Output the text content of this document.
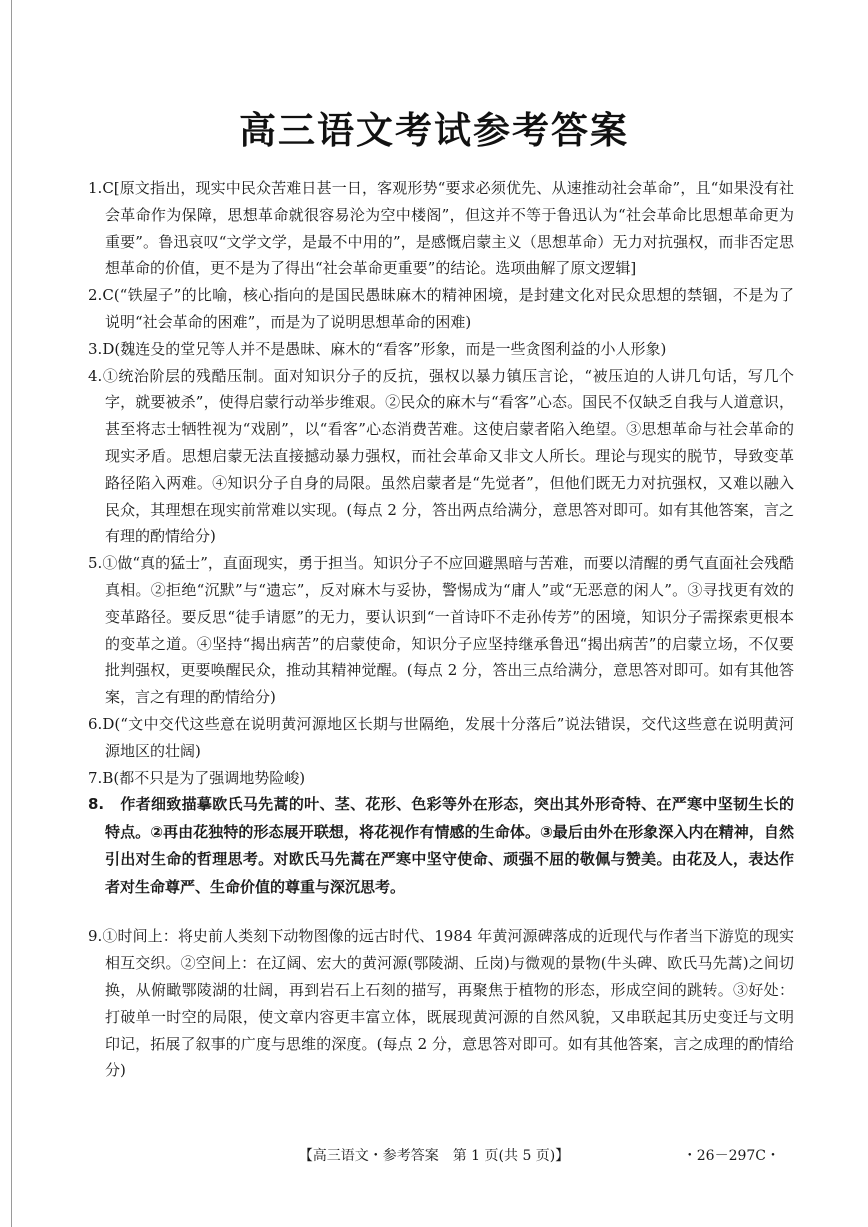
高三语文考试参考答案

1.C[原文指出，现实中民众苦难日甚一日，客观形势“要求必须优先、从速推动社会革命”，且“如果没有社会革命作为保障，思想革命就很容易沦为空中楼阁”，但这并不等于鲁迅认为“社会革命比思想革命更为重要”。鲁迅哀叹“文学文学，是最不中用的”，是感慨启蒙主义（思想革命）无力对抗强权，而非否定思想革命的价值，更不是为了得出“社会革命更重要”的结论。选项曲解了原文逻辑]

2.C(“铁屋子”的比喻，核心指向的是国民愚昧麻木的精神困境，是封建文化对民众思想的禁锢，不是为了说明“社会革命的困难”，而是为了说明思想革命的困难)

3.D(魏连殳的堂兄等人并不是愚昧、麻木的“看客”形象，而是一些贪图利益的小人形象)

4.①统治阶层的残酷压制。面对知识分子的反抗，强权以暴力镇压言论，“被压迫的人讲几句话，写几个字，就要被杀”，使得启蒙行动举步维艰。②民众的麻木与“看客”心态。国民不仅缺乏自我与人道意识，甚至将志士牺牲视为“戏剧”，以“看客”心态消费苦难。这使启蒙者陷入绝望。③思想革命与社会革命的现实矛盾。思想启蒙无法直接撼动暴力强权，而社会革命又非文人所长。理论与现实的脱节，导致变革路径陷入两难。④知识分子自身的局限。虽然启蒙者是“先觉者”，但他们既无力对抗强权，又难以融入民众，其理想在现实前常难以实现。(每点 2 分，答出两点给满分，意思答对即可。如有其他答案，言之有理的酌情给分)

5.①做“真的猛士”，直面现实，勇于担当。知识分子不应回避黑暗与苦难，而要以清醒的勇气直面社会残酷真相。②拒绝“沉默”与“遗忘”，反对麻木与妥协，警惕成为“庸人”或“无恶意的闲人”。③寻找更有效的变革路径。要反思“徒手请愿”的无力，要认识到“一首诗吓不走孙传芳”的困境，知识分子需探索更根本的变革之道。④坚持“揭出病苦”的启蒙使命，知识分子应坚持继承鲁迅“揭出病苦”的启蒙立场，不仅要批判强权，更要唤醒民众，推动其精神觉醒。(每点 2 分，答出三点给满分，意思答对即可。如有其他答案，言之有理的酌情给分)

6.D(“文中交代这些意在说明黄河源地区长期与世隔绝，发展十分落后”说法错误，交代这些意在说明黄河源地区的壮阔)

7.B(都不只是为了强调地势险峻)

8. 作者细致描摹欧氏马先蒿的叶、茎、花形、色彩等外在形态，突出其外形奇特、在严寒中坚韧生长的特点。②再由花独特的形态展开联想，将花视作有情感的生命体。③最后由外在形象深入内在精神，自然引出对生命的哲理思考。对欧氏马先蒿在严寒中坚守使命、顽强不屈的敬佩与赞美。由花及人，表达作者对生命尊严、生命价值的尊重与深沉思考。

9.①时间上：将史前人类刻下动物图像的远古时代、1984 年黄河源碑落成的近现代与作者当下游览的现实相互交织。②空间上：在辽阔、宏大的黄河源(鄂陵湖、丘岗)与微观的景物(牛头碑、欧氏马先蒿)之间切换，从俯瞰鄂陵湖的壮阔，再到岩石上石刻的描写，再聚焦于植物的形态，形成空间的跳转。③好处：打破单一时空的局限，使文章内容更丰富立体，既展现黄河源的自然风貌，又串联起其历史变迁与文明印记，拓展了叙事的广度与思维的深度。(每点 2 分，意思答对即可。如有其他答案，言之成理的酌情给分)

【高三语文・参考答案　第 1 页(共 5 页)】	・26－297C・
